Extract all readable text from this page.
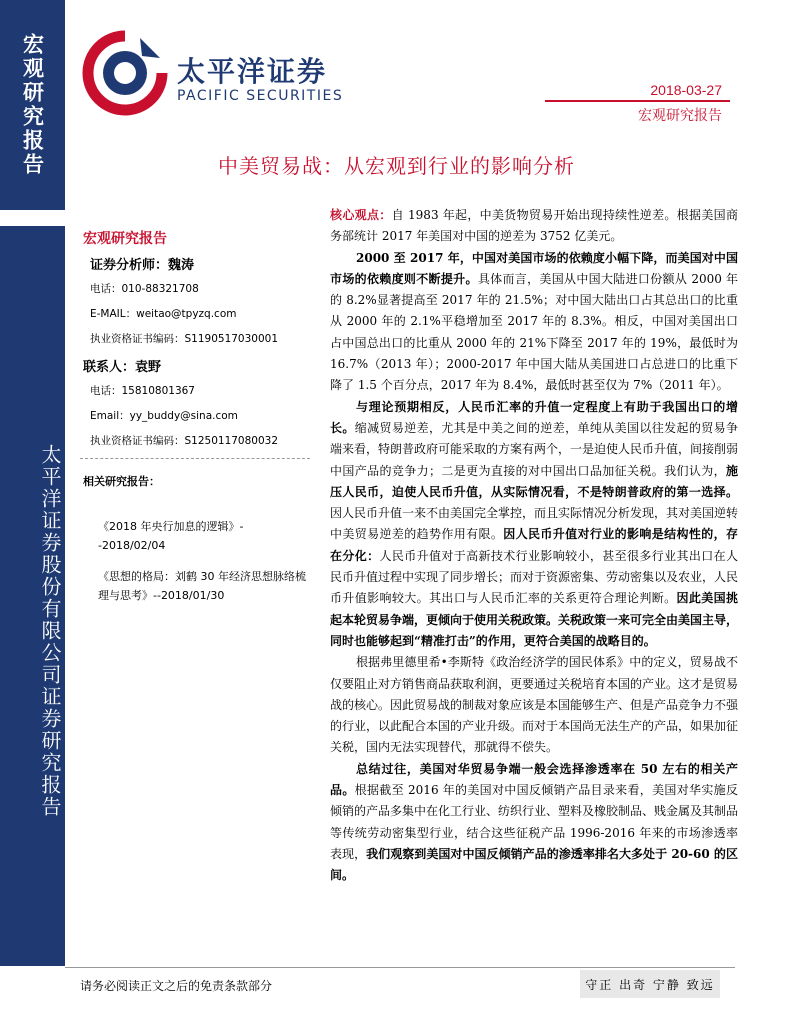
宏观研究报告
太平洋证券股份有限公司证券研究报告
太平洋证券
PACIFIC SECURITIES	2018-03-27
宏观研究报告
中美贸易战：从宏观到行业的影响分析
宏观研究报告
证券分析师：魏涛
电话：010-88321708
E-MAIL：weitao@tpyzq.com
执业资格证书编码：S1190517030001
联系人：袁野
电话：15810801367
Email：yy_buddy@sina.com
执业资格证书编码：S1250117080032
相关研究报告：
《2018 年央行加息的逻辑》--2018/02/04
《思想的格局：刘鹤 30 年经济思想脉络梳理与思考》--2018/01/30

核心观点：自 1983 年起，中美货物贸易开始出现持续性逆差。根据美国商务部统计 2017 年美国对中国的逆差为 3752 亿美元。

2000 至 2017 年，中国对美国市场的依赖度小幅下降，而美国对中国市场的依赖度则不断提升。具体而言，美国从中国大陆进口份额从 2000 年的 8.2%显著提高至 2017 年的 21.5%；对中国大陆出口占其总出口的比重从 2000 年的 2.1%平稳增加至 2017 年的 8.3%。相反，中国对美国出口占中国总出口的比重从 2000 年的 21%下降至 2017 年的 19%，最低时为 16.7%（2013 年）；2000-2017 年中国大陆从美国进口占总进口的比重下降了 1.5 个百分点，2017 年为 8.4%，最低时甚至仅为 7%（2011 年）。

与理论预期相反，人民币汇率的升值一定程度上有助于我国出口的增长。缩减贸易逆差，尤其是中美之间的逆差，单纯从美国以往发起的贸易争端来看，特朗普政府可能采取的方案有两个，一是迫使人民币升值，间接削弱中国产品的竞争力；二是更为直接的对中国出口品加征关税。我们认为，施压人民币，迫使人民币升值，从实际情况看，不是特朗普政府的第一选择。因人民币升值一来不由美国完全掌控，而且实际情况分析发现，其对美国逆转中美贸易逆差的趋势作用有限。因人民币升值对行业的影响是结构性的，存在分化：人民币升值对于高新技术行业影响较小，甚至很多行业其出口在人民币升值过程中实现了同步增长；而对于资源密集、劳动密集以及农业，人民币升值影响较大。其出口与人民币汇率的关系更符合理论判断。因此美国挑起本轮贸易争端，更倾向于使用关税政策。关税政策一来可完全由美国主导，同时也能够起到“精准打击”的作用，更符合美国的战略目的。

根据弗里德里希•李斯特《政治经济学的国民体系》中的定义，贸易战不仅要阻止对方销售商品获取利润，更要通过关税培育本国的产业。这才是贸易战的核心。因此贸易战的制裁对象应该是本国能够生产、但是产品竞争力不强的行业，以此配合本国的产业升级。而对于本国尚无法生产的产品，如果加征关税，国内无法实现替代，那就得不偿失。

总结过往，美国对华贸易争端一般会选择渗透率在 50 左右的相关产品。根据截至 2016 年的美国对中国反倾销产品目录来看，美国对华实施反倾销的产品多集中在化工行业、纺织行业、塑料及橡胶制品、贱金属及其制品等传统劳动密集型行业，结合这些征税产品 1996-2016 年来的市场渗透率表现，我们观察到美国对中国反倾销产品的渗透率排名大多处于 20-60 的区间。

请务必阅读正文之后的免责条款部分	守正 出奇 宁静 致远
